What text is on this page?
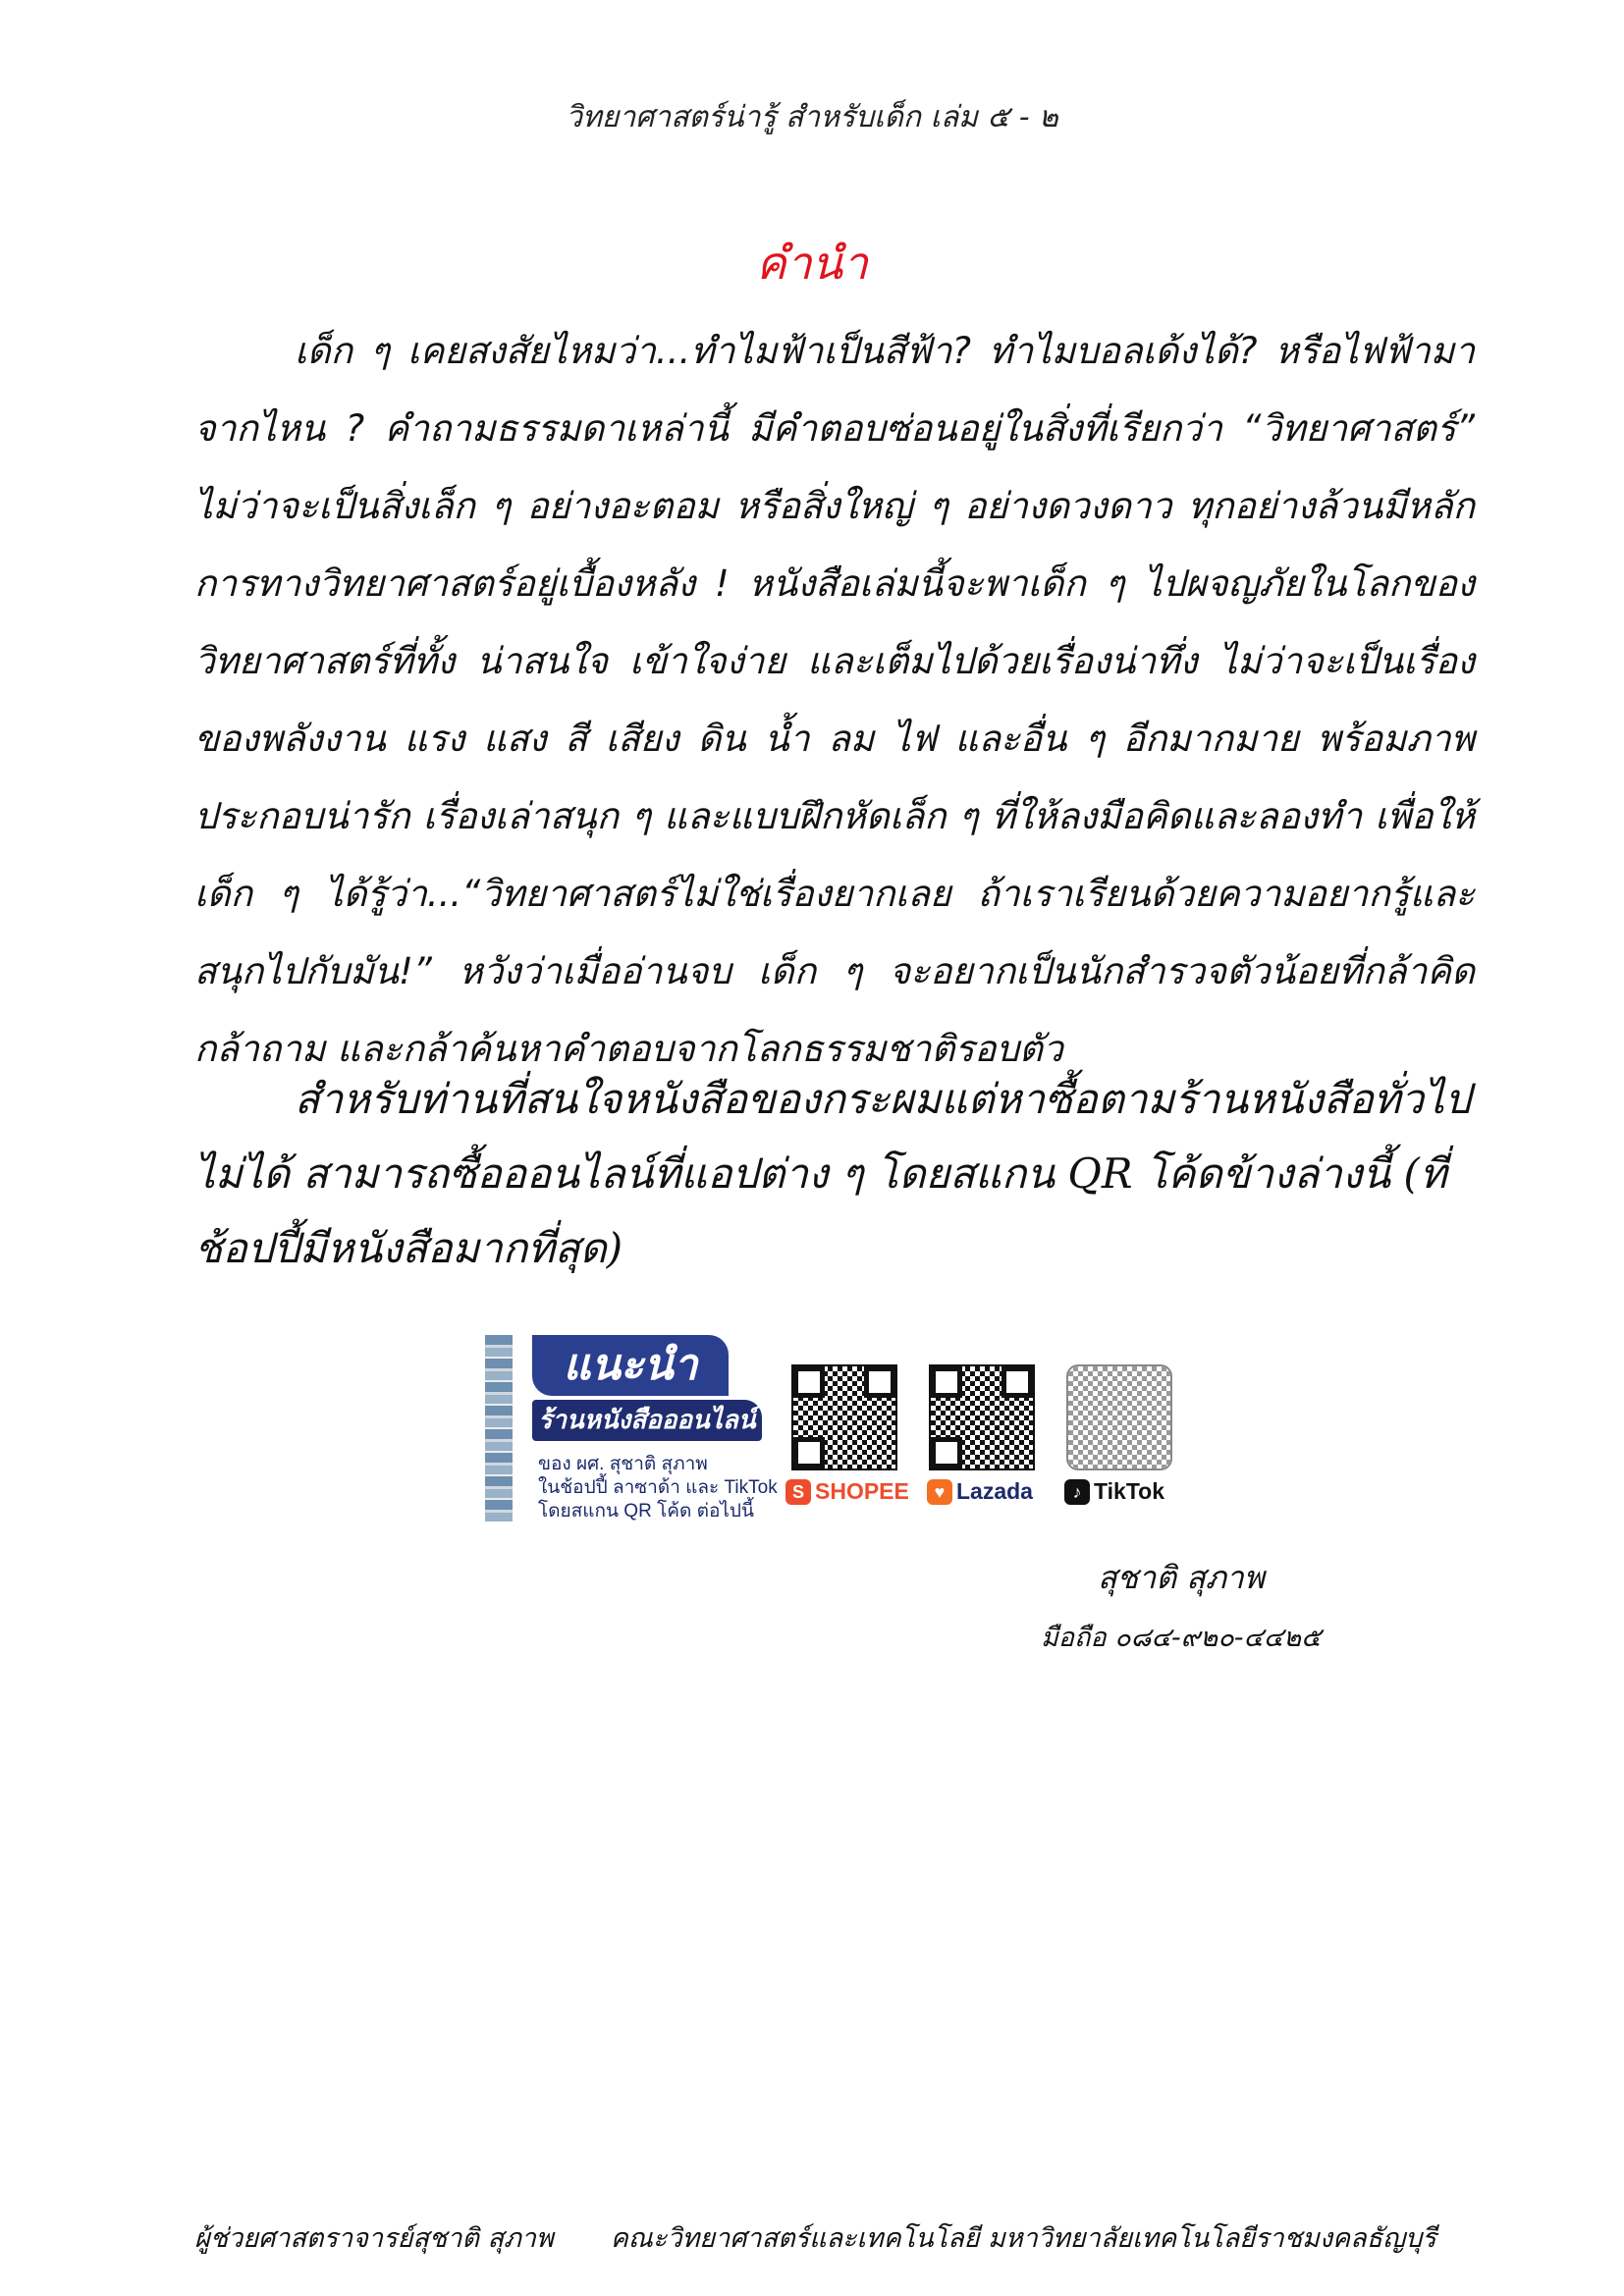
วิทยาศาสตร์น่ารู้ สำหรับเด็ก เล่ม ๕ - ๒
คำนำ

เด็ก ๆ เคยสงสัยไหมว่า...ทำไมฟ้าเป็นสีฟ้า? ทำไมบอลเด้งได้? หรือไฟฟ้ามาจากไหน ? คำถามธรรมดาเหล่านี้ มีคำตอบซ่อนอยู่ในสิ่งที่เรียกว่า “วิทยาศาสตร์” ไม่ว่าจะเป็นสิ่งเล็ก ๆ อย่างอะตอม หรือสิ่งใหญ่ ๆ อย่างดวงดาว ทุกอย่างล้วนมีหลักการทางวิทยาศาสตร์อยู่เบื้องหลัง ! หนังสือเล่มนี้จะพาเด็ก ๆ ไปผจญภัยในโลกของวิทยาศาสตร์ที่ทั้ง น่าสนใจ เข้าใจง่าย และเต็มไปด้วยเรื่องน่าทึ่ง ไม่ว่าจะเป็นเรื่องของพลังงาน แรง แสง สี เสียง ดิน น้ำ ลม ไฟ และอื่น ๆ อีกมากมาย พร้อมภาพประกอบน่ารัก เรื่องเล่าสนุก ๆ และแบบฝึกหัดเล็ก ๆ ที่ให้ลงมือคิดและลองทำ เพื่อให้เด็ก ๆ ได้รู้ว่า...“วิทยาศาสตร์ไม่ใช่เรื่องยากเลย ถ้าเราเรียนด้วยความอยากรู้และสนุกไปกับมัน!” หวังว่าเมื่ออ่านจบ เด็ก ๆ จะอยากเป็นนักสำรวจตัวน้อยที่กล้าคิด กล้าถาม และกล้าค้นหาคำตอบจากโลกธรรมชาติรอบตัว

สำหรับท่านที่สนใจหนังสือของกระผมแต่หาซื้อตามร้านหนังสือทั่วไปไม่ได้ สามารถซื้อออนไลน์ที่แอปต่าง ๆ โดยสแกน QR โค้ดข้างล่างนี้ (ที่ช้อปปี้มีหนังสือมากที่สุด)

แนะนำ
ร้านหนังสือออนไลน์
ของ ผศ. สุชาติ สุภาพ
ในช้อปปี้ ลาซาด้า และ TikTok
โดยสแกน QR โค้ด ต่อไปนี้
S SHOPEE	♥ Lazada	♪ TikTok
สุชาติ สุภาพ
มือถือ ๐๘๔-๙๒๐-๔๔๒๕
ผู้ช่วยศาสตราจารย์สุชาติ สุภาพ คณะวิทยาศาสตร์และเทคโนโลยี มหาวิทยาลัยเทคโนโลยีราชมงคลธัญบุรี
